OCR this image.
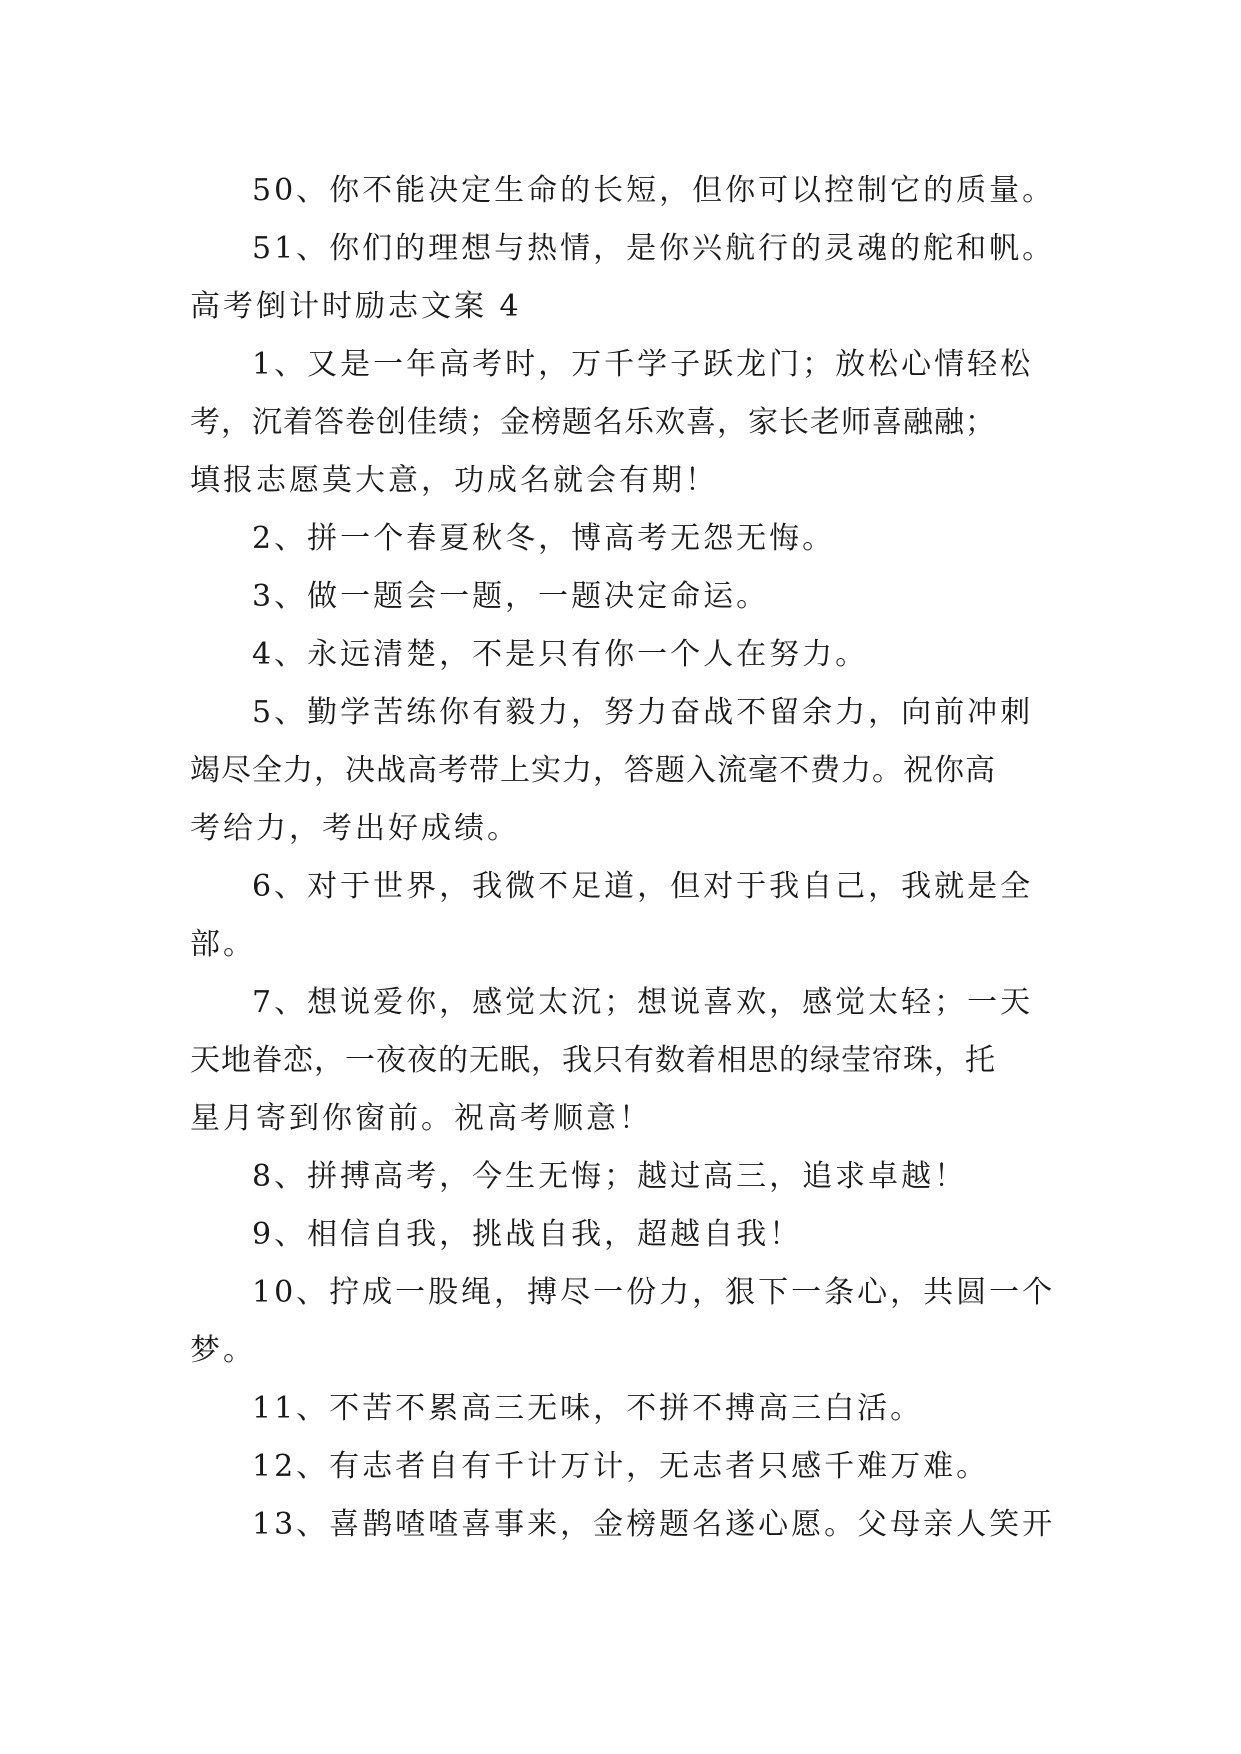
50、你不能决定生命的长短，但你可以控制它的质量。

51、你们的理想与热情，是你兴航行的灵魂的舵和帆。

高考倒计时励志文案 4

1、又是一年高考时，万千学子跃龙门；放松心情轻松
考，沉着答卷创佳绩；金榜题名乐欢喜，家长老师喜融融；
填报志愿莫大意，功成名就会有期！

2、拼一个春夏秋冬，博高考无怨无悔。

3、做一题会一题，一题决定命运。

4、永远清楚，不是只有你一个人在努力。

5、勤学苦练你有毅力，努力奋战不留余力，向前冲刺
竭尽全力，决战高考带上实力，答题入流毫不费力。祝你高
考给力，考出好成绩。

6、对于世界，我微不足道，但对于我自己，我就是全
部。

7、想说爱你，感觉太沉；想说喜欢，感觉太轻；一天
天地眷恋，一夜夜的无眠，我只有数着相思的绿莹帘珠，托
星月寄到你窗前。祝高考顺意！

8、拼搏高考，今生无悔；越过高三，追求卓越！

9、相信自我，挑战自我，超越自我！

10、拧成一股绳，搏尽一份力，狠下一条心，共圆一个
梦。

11、不苦不累高三无味，不拼不搏高三白活。

12、有志者自有千计万计，无志者只感千难万难。

13、喜鹊喳喳喜事来，金榜题名遂心愿。父母亲人笑开
